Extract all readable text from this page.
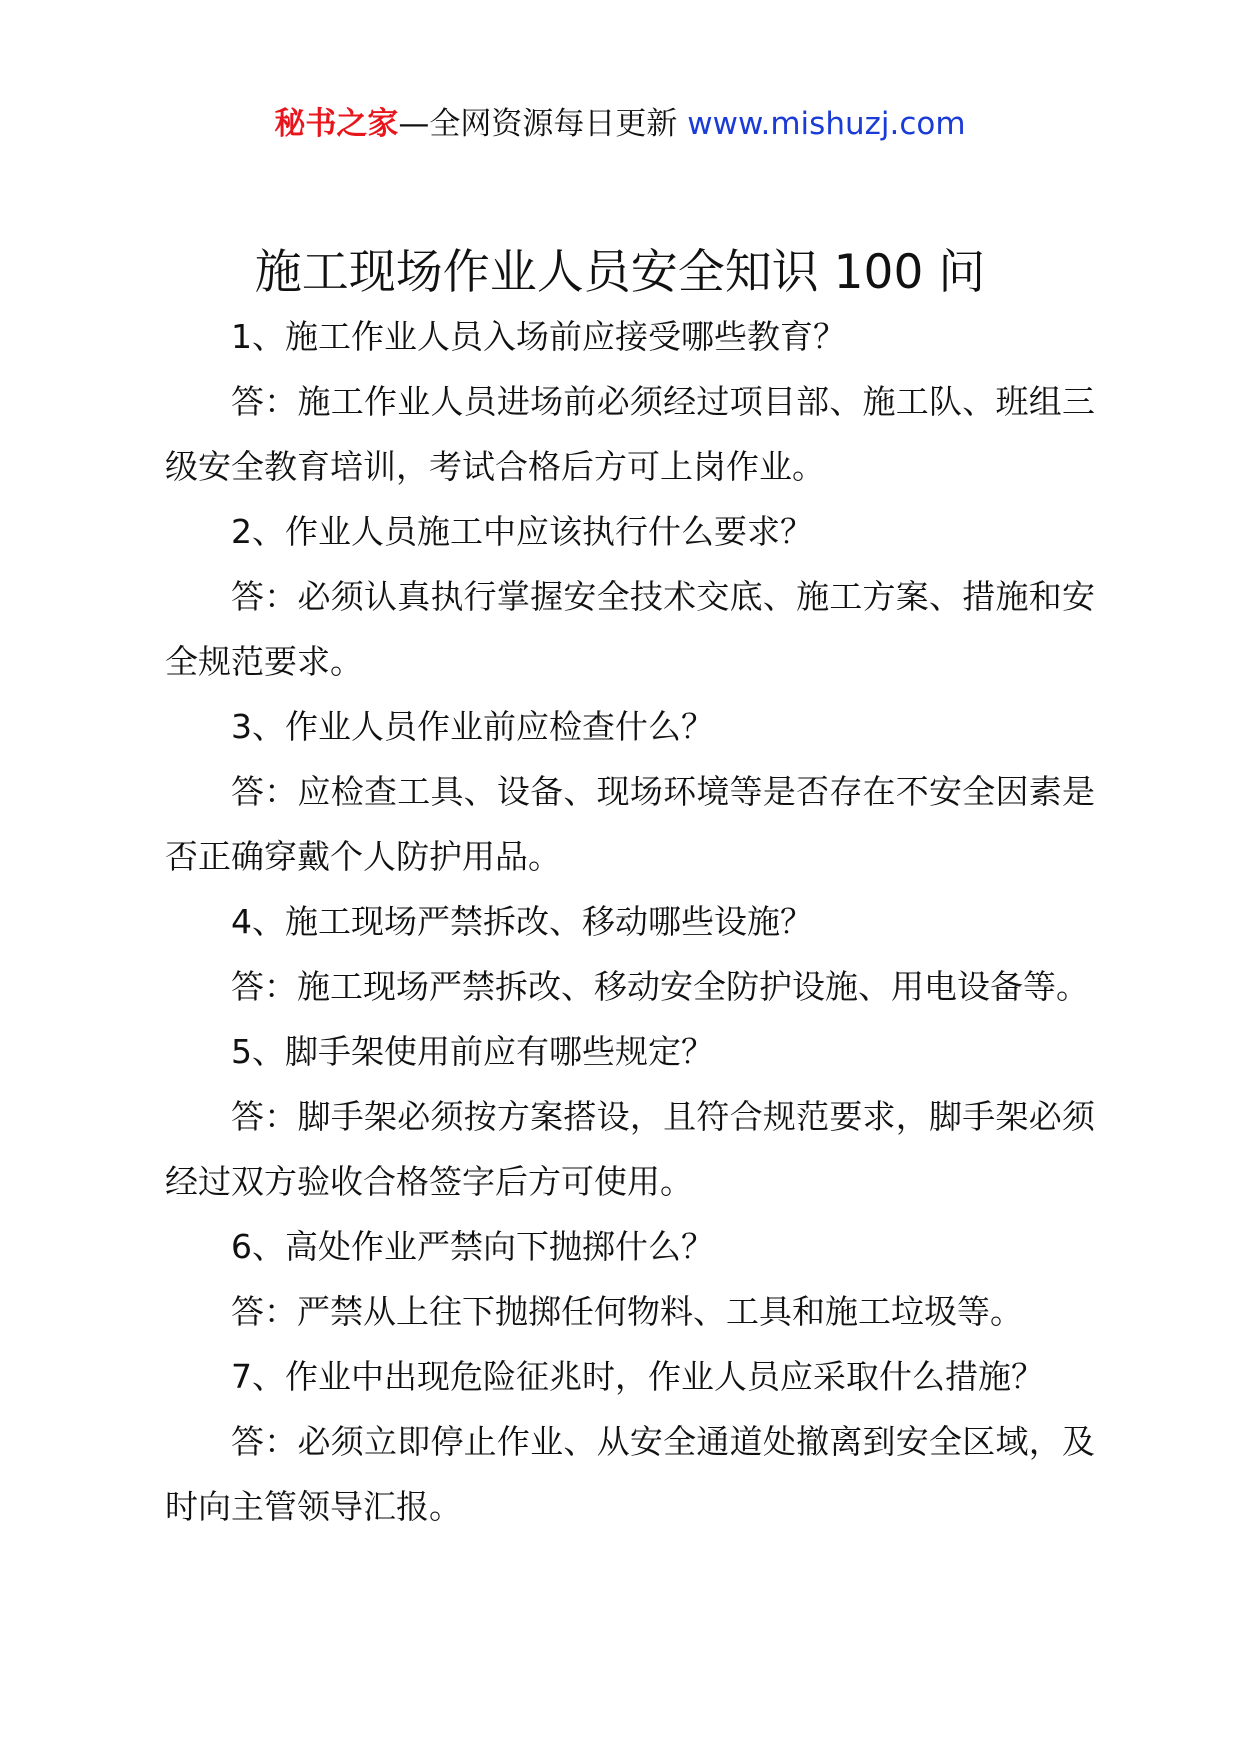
秘书之家—全网资源每日更新 www.mishuzj.com
施工现场作业人员安全知识 100 问

1、施工作业人员入场前应接受哪些教育？

答：施工作业人员进场前必须经过项目部、施工队、班组三级安全教育培训，考试合格后方可上岗作业。

2、作业人员施工中应该执行什么要求？

答：必须认真执行掌握安全技术交底、施工方案、措施和安全规范要求。

3、作业人员作业前应检查什么？

答：应检查工具、设备、现场环境等是否存在不安全因素是否正确穿戴个人防护用品。

4、施工现场严禁拆改、移动哪些设施？

答：施工现场严禁拆改、移动安全防护设施、用电设备等。

5、脚手架使用前应有哪些规定？

答：脚手架必须按方案搭设，且符合规范要求，脚手架必须经过双方验收合格签字后方可使用。

6、高处作业严禁向下抛掷什么？

答：严禁从上往下抛掷任何物料、工具和施工垃圾等。

7、作业中出现危险征兆时，作业人员应采取什么措施？

答：必须立即停止作业、从安全通道处撤离到安全区域，及时向主管领导汇报。
